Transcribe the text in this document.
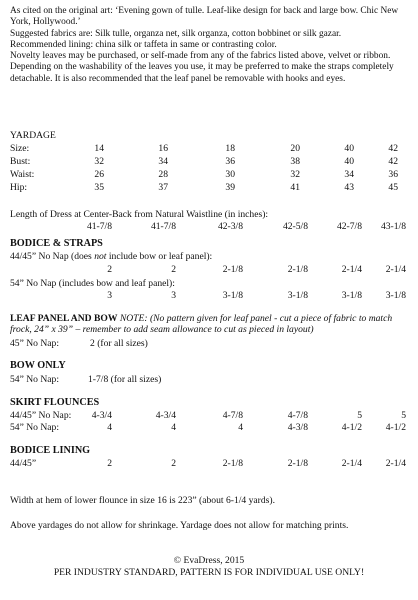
As cited on the original art: ‘Evening gown of tulle. Leaf-like design for back and large bow. Chic New York, Hollywood.’

Suggested fabrics are: Silk tulle, organza net, silk organza, cotton bobbinet or silk gazar.

Recommended lining: china silk or taffeta in same or contrasting color.

Novelty leaves may be purchased, or self-made from any of the fabrics listed above, velvet or ribbon.

Depending on the washability of the leaves you use, it may be preferred to make the straps completely detachable. It is also recommended that the leaf panel be removable with hooks and eyes.

YARDAGE
Size:	14	16	18	20	40	42
Bust:	32	34	36	38	40	42
Waist:	26	28	30	32	34	36
Hip:	35	37	39	41	43	45
Length of Dress at Center-Back from Natural Waistline (in inches):
41-7/8	41-7/8	42-3/8	42-5/8	42-7/8 43-1/8
BODICE & STRAPS
44/45” No Nap (does not include bow or leaf panel):
2	2	2-1/8	2-1/8	2-1/4 2-1/4
54” No Nap (includes bow and leaf panel):
3	3	3-1/8	3-1/8	3-1/8 3-1/8
LEAF PANEL AND BOW NOTE: (No pattern given for leaf panel - cut a piece of fabric to match frock, 24” x 39” – remember to add seam allowance to cut as pieced in layout)
45” No Nap:	2 (for all sizes)
BOW ONLY
54” No Nap:	1-7/8 (for all sizes)
SKIRT FLOUNCES
44/45” No Nap: 4-3/4	4-3/4	4-7/8	4-7/8	5	5
54” No Nap:	4	4	4	4-3/8	4-1/2 4-1/2
BODICE LINING
44/45”	2	2	2-1/8	2-1/8	2-1/4 2-1/4
Width at hem of lower flounce in size 16 is 223” (about 6-1/4 yards).
Above yardages do not allow for shrinkage. Yardage does not allow for matching prints.
© EvaDress, 2015
PER INDUSTRY STANDARD, PATTERN IS FOR INDIVIDUAL USE ONLY!
